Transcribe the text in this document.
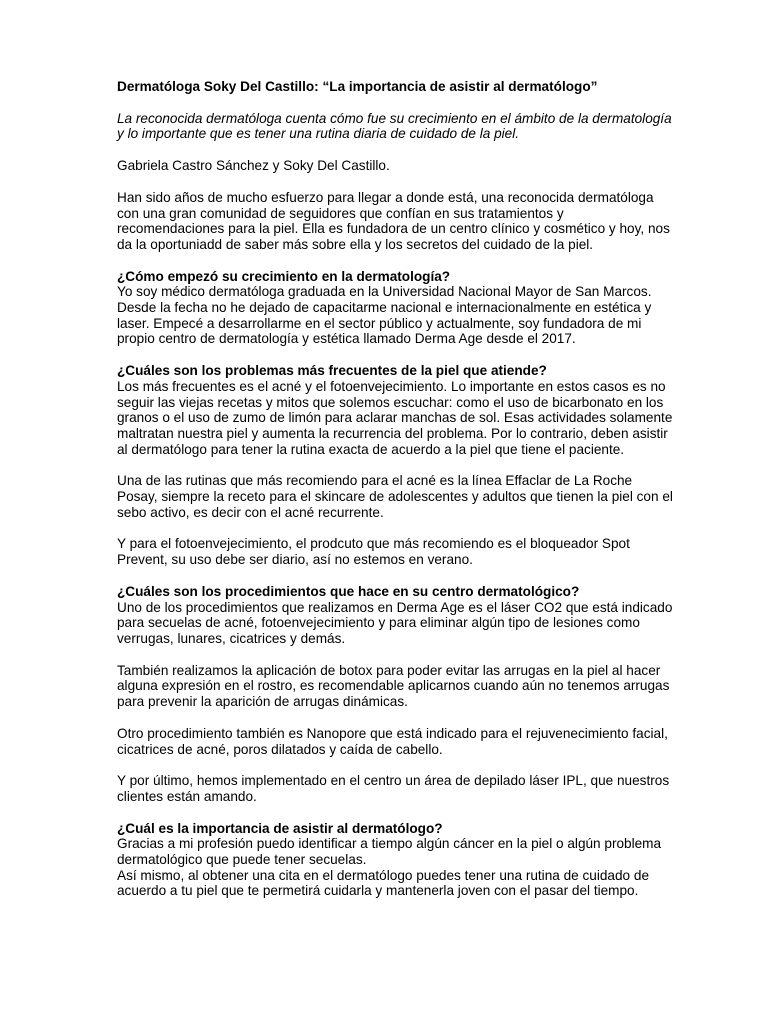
Dermatóloga Soky Del Castillo: “La importancia de asistir al dermatólogo”

La reconocida dermatóloga cuenta cómo fue su crecimiento en el ámbito de la dermatología y lo importante que es tener una rutina diaria de cuidado de la piel.

Gabriela Castro Sánchez y Soky Del Castillo.

Han sido años de mucho esfuerzo para llegar a donde está, una reconocida dermatóloga con una gran comunidad de seguidores que confían en sus tratamientos y recomendaciones para la piel. Ella es fundadora de un centro clínico y cosmético y hoy, nos da la oportuniadd de saber más sobre ella y los secretos del cuidado de la piel.

¿Cómo empezó su crecimiento en la dermatología?
Yo soy médico dermatóloga graduada en la Universidad Nacional Mayor de San Marcos. Desde la fecha no he dejado de capacitarme nacional e internacionalmente en estética y laser. Empecé a desarrollarme en el sector público y actualmente, soy fundadora de mi propio centro de dermatología y estética llamado Derma Age desde el 2017.

¿Cuáles son los problemas más frecuentes de la piel que atiende?
Los más frecuentes es el acné y el fotoenvejecimiento. Lo importante en estos casos es no seguir las viejas recetas y mitos que solemos escuchar: como el uso de bicarbonato en los granos o el uso de zumo de limón para aclarar manchas de sol. Esas actividades solamente maltratan nuestra piel y aumenta la recurrencia del problema. Por lo contrario, deben asistir al dermatólogo para tener la rutina exacta de acuerdo a la piel que tiene el paciente.

Una de las rutinas que más recomiendo para el acné es la línea Effaclar de La Roche Posay, siempre la receto para el skincare de adolescentes y adultos que tienen la piel con el sebo activo, es decir con el acné recurrente.

Y para el fotoenvejecimiento, el prodcuto que más recomiendo es el bloqueador Spot Prevent, su uso debe ser diario, así no estemos en verano.

¿Cuáles son los procedimientos que hace en su centro dermatológico?
Uno de los procedimientos que realizamos en Derma Age es el láser CO2 que está indicado para secuelas de acné, fotoenvejecimiento y para eliminar algún tipo de lesiones como verrugas, lunares, cicatrices y demás.

También realizamos la aplicación de botox para poder evitar las arrugas en la piel al hacer alguna expresión en el rostro, es recomendable aplicarnos cuando aún no tenemos arrugas para prevenir la aparición de arrugas dinámicas.

Otro procedimiento también es Nanopore que está indicado para el rejuvenecimiento facial, cicatrices de acné, poros dilatados y caída de cabello.

Y por último, hemos implementado en el centro un área de depilado láser IPL, que nuestros clientes están amando.

¿Cuál es la importancia de asistir al dermatólogo?
Gracias a mi profesión puedo identificar a tiempo algún cáncer en la piel o algún problema dermatológico que puede tener secuelas.
Así mismo, al obtener una cita en el dermatólogo puedes tener una rutina de cuidado de acuerdo a tu piel que te permetirá cuidarla y mantenerla joven con el pasar del tiempo.
